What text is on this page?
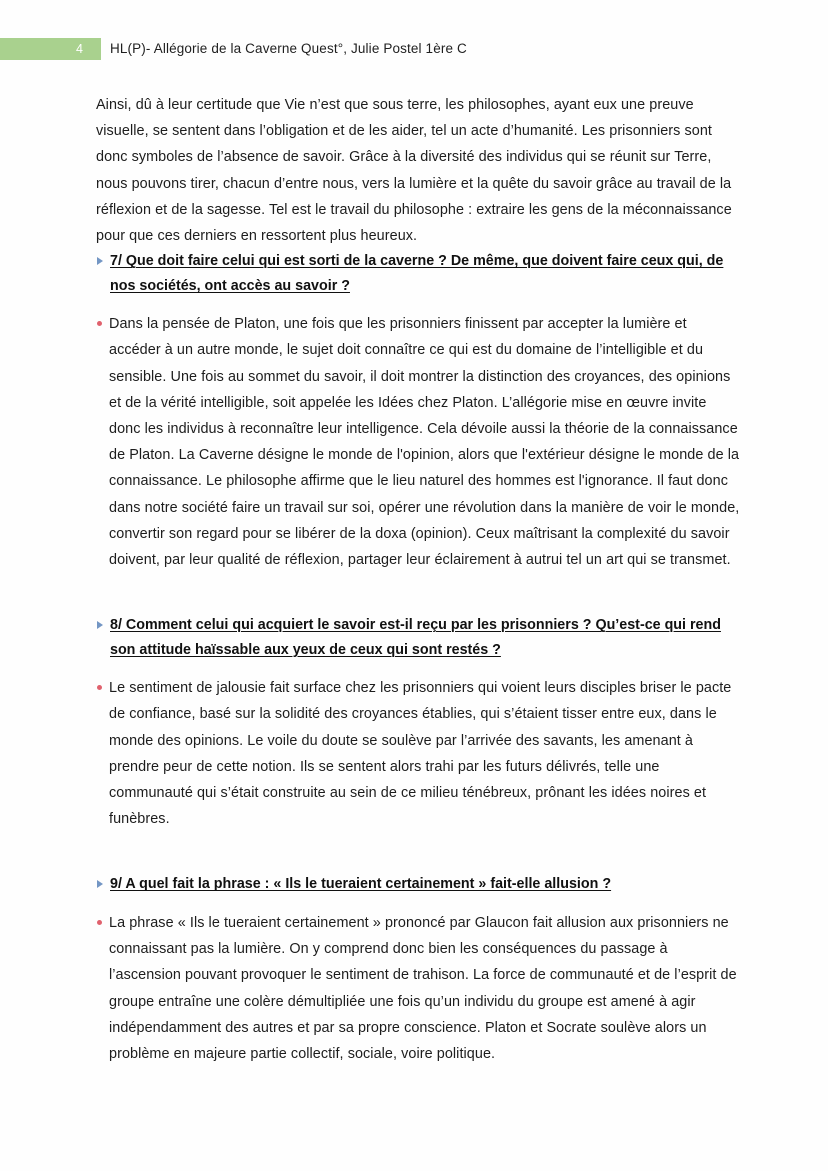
4	HL(P)- Allégorie de la Caverne Quest°, Julie Postel 1ère C

Ainsi, dû à leur certitude que Vie n’est que sous terre, les philosophes, ayant eux une preuve visuelle, se sentent dans l’obligation et de les aider, tel un acte d’humanité. Les prisonniers sont donc symboles de l’absence de savoir. Grâce à la diversité des individus qui se réunit sur Terre, nous pouvons tirer, chacun d’entre nous, vers la lumière et la quête du savoir grâce au travail de la réflexion et de la sagesse. Tel est le travail du philosophe : extraire les gens de la méconnaissance pour que ces derniers en ressortent plus heureux.

7/ Que doit faire celui qui est sorti de la caverne ? De même, que doivent faire ceux qui, de nos sociétés, ont accès au savoir ?

Dans la pensée de Platon, une fois que les prisonniers finissent par accepter la lumière et accéder à un autre monde, le sujet doit connaître ce qui est du domaine de l’intelligible et du sensible. Une fois au sommet du savoir, il doit montrer la distinction des croyances, des opinions et de la vérité intelligible, soit appelée les Idées chez Platon. L’allégorie mise en œuvre invite donc les individus à reconnaître leur intelligence. Cela dévoile aussi la théorie de la connaissance de Platon. La Caverne désigne le monde de l'opinion, alors que l'extérieur désigne le monde de la connaissance. Le philosophe affirme que le lieu naturel des hommes est l'ignorance. Il faut donc dans notre société faire un travail sur soi, opérer une révolution dans la manière de voir le monde, convertir son regard pour se libérer de la doxa (opinion). Ceux maîtrisant la complexité du savoir doivent, par leur qualité de réflexion, partager leur éclairement à autrui tel un art qui se transmet.

8/ Comment celui qui acquiert le savoir est-il reçu par les prisonniers ? Qu’est-ce qui rend son attitude haïssable aux yeux de ceux qui sont restés ?

Le sentiment de jalousie fait surface chez les prisonniers qui voient leurs disciples briser le pacte de confiance, basé sur la solidité des croyances établies, qui s’étaient tisser entre eux, dans le monde des opinions. Le voile du doute se soulève par l’arrivée des savants, les amenant à prendre peur de cette notion. Ils se sentent alors trahi par les futurs délivrés, telle une communauté qui s’était construite au sein de ce milieu ténébreux, prônant les idées noires et funèbres.

9/ A quel fait la phrase : « Ils le tueraient certainement » fait-elle allusion ?

La phrase « Ils le tueraient certainement » prononcé par Glaucon fait allusion aux prisonniers ne connaissant pas la lumière. On y comprend donc bien les conséquences du passage à l’ascension pouvant provoquer le sentiment de trahison. La force de communauté et de l’esprit de groupe entraîne une colère démultipliée une fois qu’un individu du groupe est amené à agir indépendamment des autres et par sa propre conscience. Platon et Socrate soulève alors un problème en majeure partie collectif, sociale, voire politique.
